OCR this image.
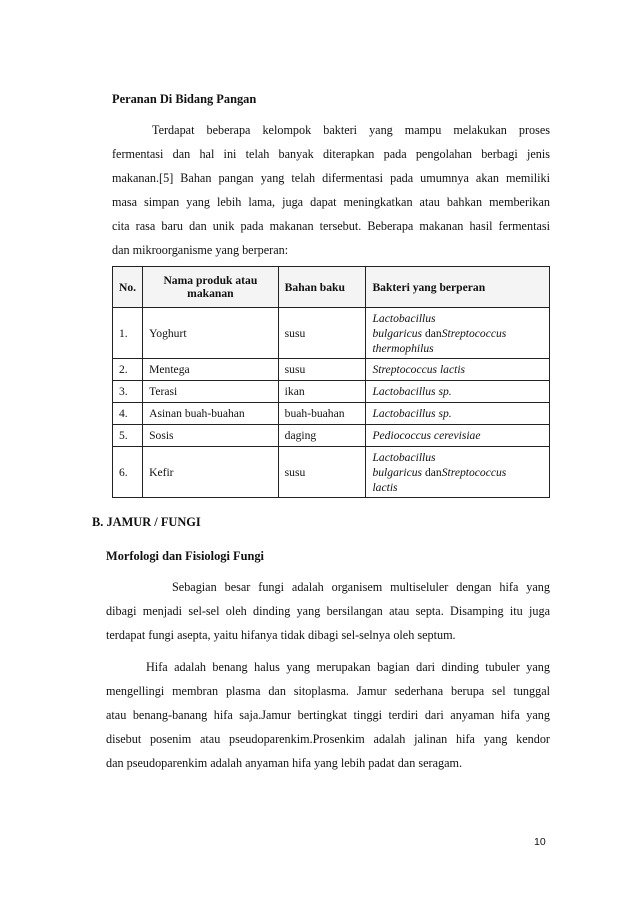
Peranan Di Bidang Pangan
Terdapat beberapa kelompok bakteri yang mampu melakukan proses
fermentasi dan hal ini telah banyak diterapkan pada pengolahan berbagi jenis
makanan.[5] Bahan pangan yang telah difermentasi pada umumnya akan memiliki
masa simpan yang lebih lama, juga dapat meningkatkan atau bahkan memberikan
cita rasa baru dan unik pada makanan tersebut. Beberapa makanan hasil fermentasi
dan mikroorganisme yang berperan:
No.	Nama produk atau makanan	Bahan baku	Bakteri yang berperan
1.	Yoghurt	susu	Lactobacillus
bulgaricus danStreptococcus
thermophilus

2.	Mentega	susu	Streptococcus lactis
3.	Terasi	ikan	Lactobacillus sp.
4.	Asinan buah-buahan	buah-buahan	Lactobacillus sp.
5.	Sosis	daging	Pediococcus cerevisiae
6.	Kefir	susu	Lactobacillus
bulgaricus danStreptococcus
lactis
B. JAMUR / FUNGI
Morfologi dan Fisiologi Fungi
Sebagian besar fungi adalah organisem multiseluler dengan hifa yang
dibagi menjadi sel-sel oleh dinding yang bersilangan atau septa. Disamping itu juga
terdapat fungi asepta, yaitu hifanya tidak dibagi sel-selnya oleh septum.
Hifa adalah benang halus yang merupakan bagian dari dinding tubuler yang
mengellingi membran plasma dan sitoplasma. Jamur sederhana berupa sel tunggal
atau benang-banang hifa saja.Jamur bertingkat tinggi terdiri dari anyaman hifa yang
disebut posenim atau pseudoparenkim.Prosenkim adalah jalinan hifa yang kendor
dan pseudoparenkim adalah anyaman hifa yang lebih padat dan seragam.
10
